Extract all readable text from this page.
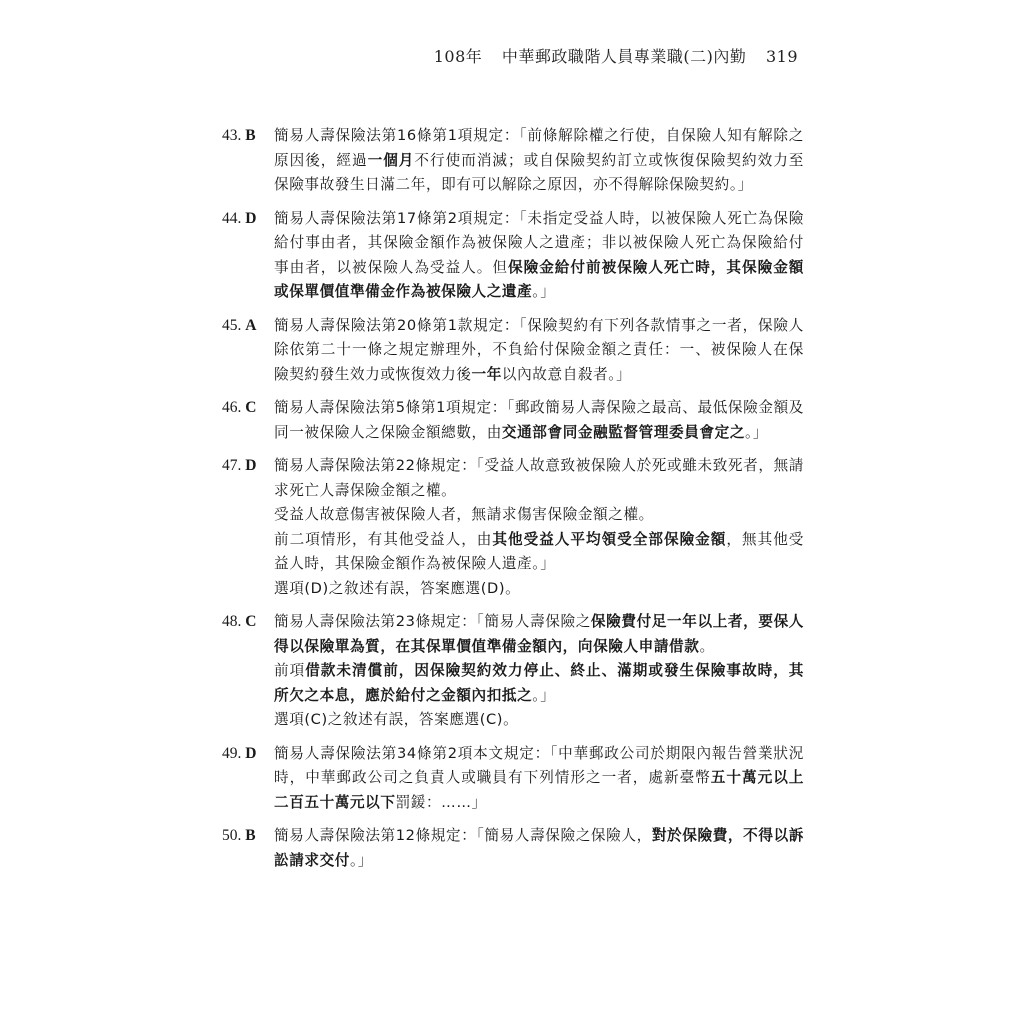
108年 中華郵政職階人員專業職(二)內勤 319
43. B	簡易人壽保險法第16條第1項規定：「前條解除權之行使，自保險人知有解除之原因後，經過一個月不行使而消滅；或自保險契約訂立或恢復保險契約效力至保險事故發生日滿二年，即有可以解除之原因，亦不得解除保險契約。」

44. D	簡易人壽保險法第17條第2項規定：「未指定受益人時，以被保險人死亡為保險給付事由者，其保險金額作為被保險人之遺產；非以被保險人死亡為保險給付事由者，以被保險人為受益人。但保險金給付前被保險人死亡時，其保險金額或保單價值準備金作為被保險人之遺產。」

45. A	簡易人壽保險法第20條第1款規定：「保險契約有下列各款情事之一者，保險人除依第二十一條之規定辦理外，不負給付保險金額之責任：一、被保險人在保險契約發生效力或恢復效力後一年以內故意自殺者。」

46. C	簡易人壽保險法第5條第1項規定：「郵政簡易人壽保險之最高、最低保險金額及同一被保險人之保險金額總數，由交通部會同金融監督管理委員會定之。」

47. D	簡易人壽保險法第22條規定：「受益人故意致被保險人於死或雖未致死者，無請求死亡人壽保險金額之權。

受益人故意傷害被保險人者，無請求傷害保險金額之權。

前二項情形，有其他受益人，由其他受益人平均領受全部保險金額，無其他受益人時，其保險金額作為被保險人遺產。」

選項(D)之敘述有誤，答案應選(D)。

48. C	簡易人壽保險法第23條規定：「簡易人壽保險之保險費付足一年以上者，要保人得以保險單為質，在其保單價值準備金額內，向保險人申請借款。

前項借款未清償前，因保險契約效力停止、終止、滿期或發生保險事故時，其所欠之本息，應於給付之金額內扣抵之。」

選項(C)之敘述有誤，答案應選(C)。

49. D	簡易人壽保險法第34條第2項本文規定：「中華郵政公司於期限內報告營業狀況時，中華郵政公司之負責人或職員有下列情形之一者，處新臺幣五十萬元以上二百五十萬元以下罰鍰：……」

50. B	簡易人壽保險法第12條規定：「簡易人壽保險之保險人，對於保險費，不得以訴訟請求交付。」
